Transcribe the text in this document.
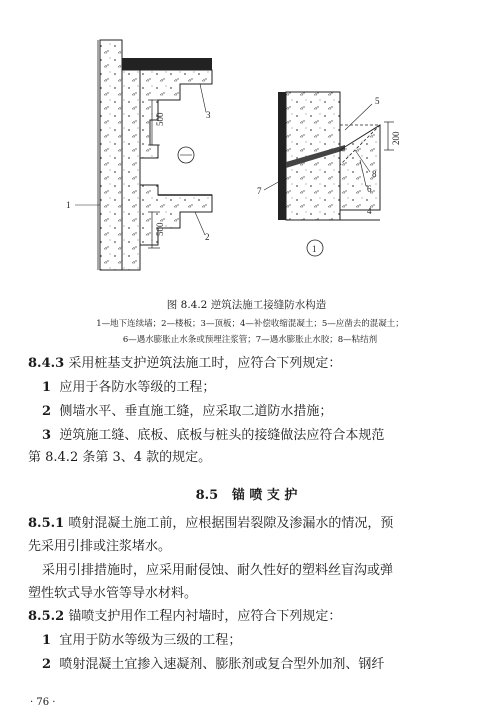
1
2
3
500
500
5
8
6
4
7
200
1
图 8.4.2 逆筑法施工接缝防水构造
1—地下连续墙；2—楼板；3—顶板；4—补偿收缩混凝土；5—应凿去的混凝土；
6—遇水膨胀止水条或预埋注浆管；7—遇水膨胀止水胶；8—粘结剂
8.4.3 采用桩基支护逆筑法施工时，应符合下列规定：
1 应用于各防水等级的工程；
2 侧墙水平、垂直施工缝，应采取二道防水措施；
3 逆筑施工缝、底板、底板与桩头的接缝做法应符合本规范
第 8.4.2 条第 3、4 款的规定。
8.5 锚 喷 支 护
8.5.1 喷射混凝土施工前，应根据围岩裂隙及渗漏水的情况，预
先采用引排或注浆堵水。
采用引排措施时，应采用耐侵蚀、耐久性好的塑料丝盲沟或弹
塑性软式导水管等导水材料。
8.5.2 锚喷支护用作工程内衬墙时，应符合下列规定：
1 宜用于防水等级为三级的工程；
2 喷射混凝土宜掺入速凝剂、膨胀剂或复合型外加剂、钢纤
· 76 ·
